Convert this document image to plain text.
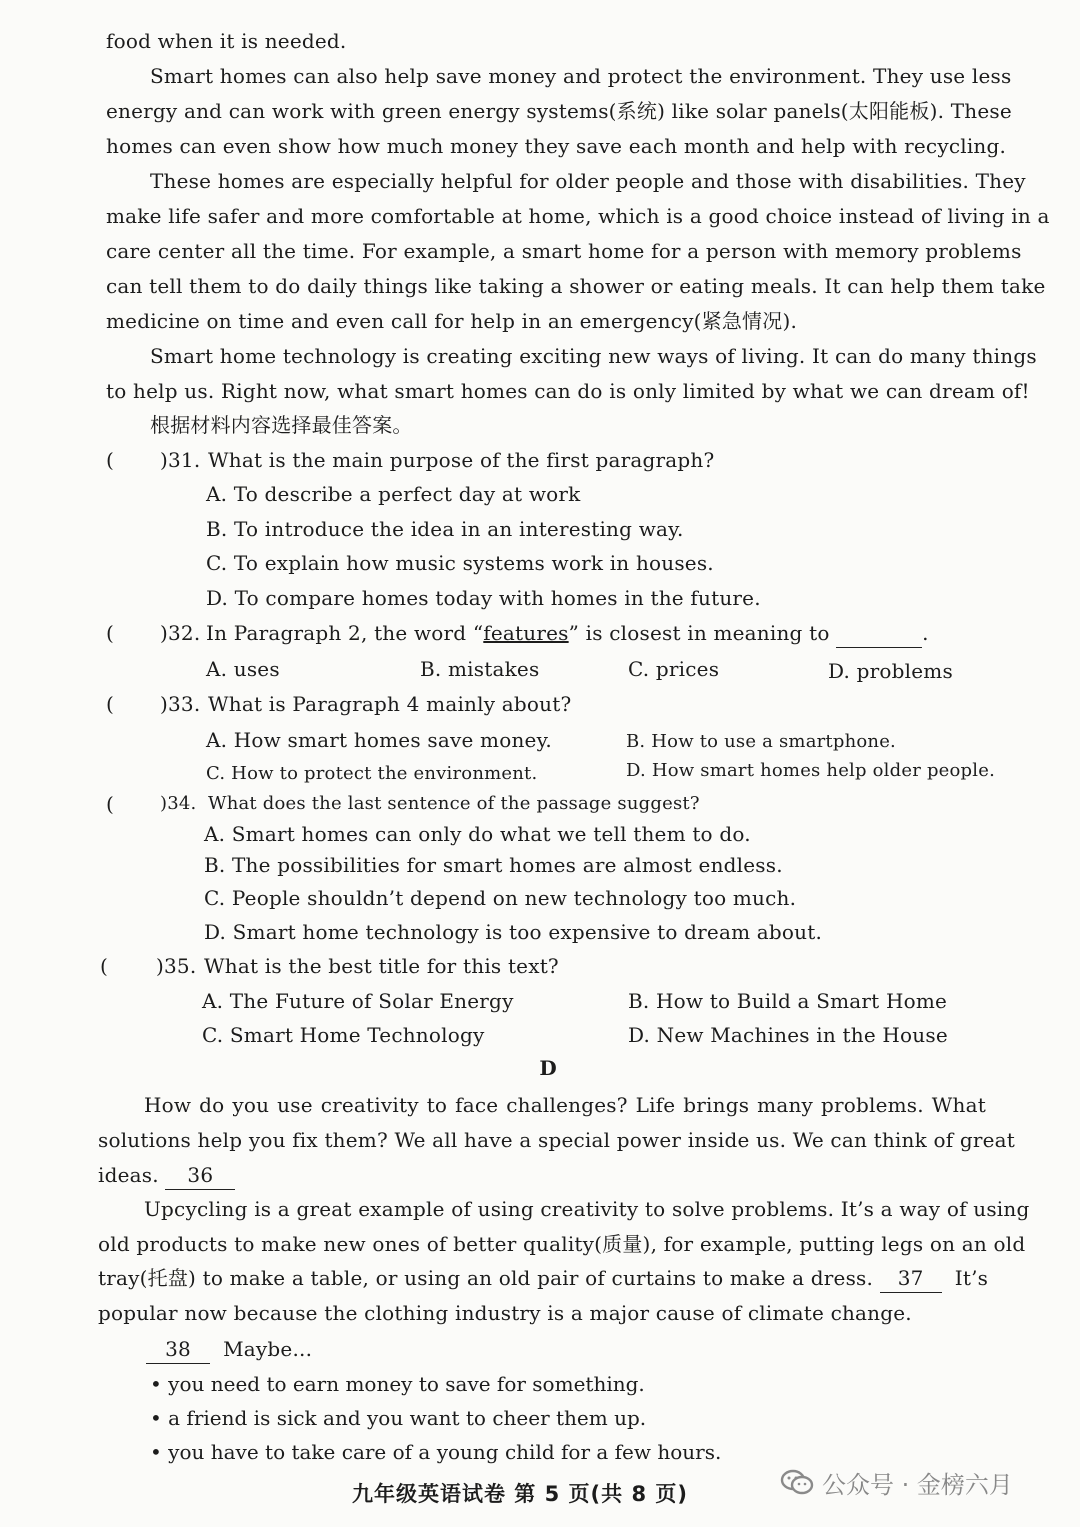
food when it is needed.
Smart homes can also help save money and protect the environment. They use less
energy and can work with green energy systems(系统) like solar panels(太阳能板). These
homes can even show how much money they save each month and help with recycling.
These homes are especially helpful for older people and those with disabilities. They
make life safer and more comfortable at home, which is a good choice instead of living in a
care center all the time. For example, a smart home for a person with memory problems
can tell them to do daily things like taking a shower or eating meals. It can help them take
medicine on time and even call for help in an emergency(紧急情况).
Smart home technology is creating exciting new ways of living. It can do many things
to help us. Right now, what smart homes can do is only limited by what we can dream of!
根据材料内容选择最佳答案。
( )31. What is the main purpose of the first paragraph?
A. To describe a perfect day at work
B. To introduce the idea in an interesting way.
C. To explain how music systems work in houses.
D. To compare homes today with homes in the future.
( )32. In Paragraph 2, the word “features” is closest in meaning to	.
A. uses	B. mistakes	C. prices	D. problems
( )33. What is Paragraph 4 mainly about?
A. How smart homes save money.	B. How to use a smartphone.
C. How to protect the environment.	D. How smart homes help older people.
(	)34. What does the last sentence of the passage suggest?
A. Smart homes can only do what we tell them to do.
B. The possibilities for smart homes are almost endless.
C. People shouldn’t depend on new technology too much.
D. Smart home technology is too expensive to dream about.
( )35. What is the best title for this text?
A. The Future of Solar Energy	B. How to Build a Smart Home
C. Smart Home Technology	D. New Machines in the House
D
How do you use creativity to face challenges? Life brings many problems. What
solutions help you fix them? We all have a special power inside us. We can think of great
ideas. 36
Upcycling is a great example of using creativity to solve problems. It’s a way of using
old products to make new ones of better quality(质量), for example, putting legs on an old
tray(托盘) to make a table, or using an old pair of curtains to make a dress. 37 It’s
popular now because the clothing industry is a major cause of climate change.
38 Maybe...
• you need to earn money to save for something.
• a friend is sick and you want to cheer them up.
• you have to take care of a young child for a few hours.
九年级英语试卷 第 5 页(共 8 页)	公众号 · 金榜六月
